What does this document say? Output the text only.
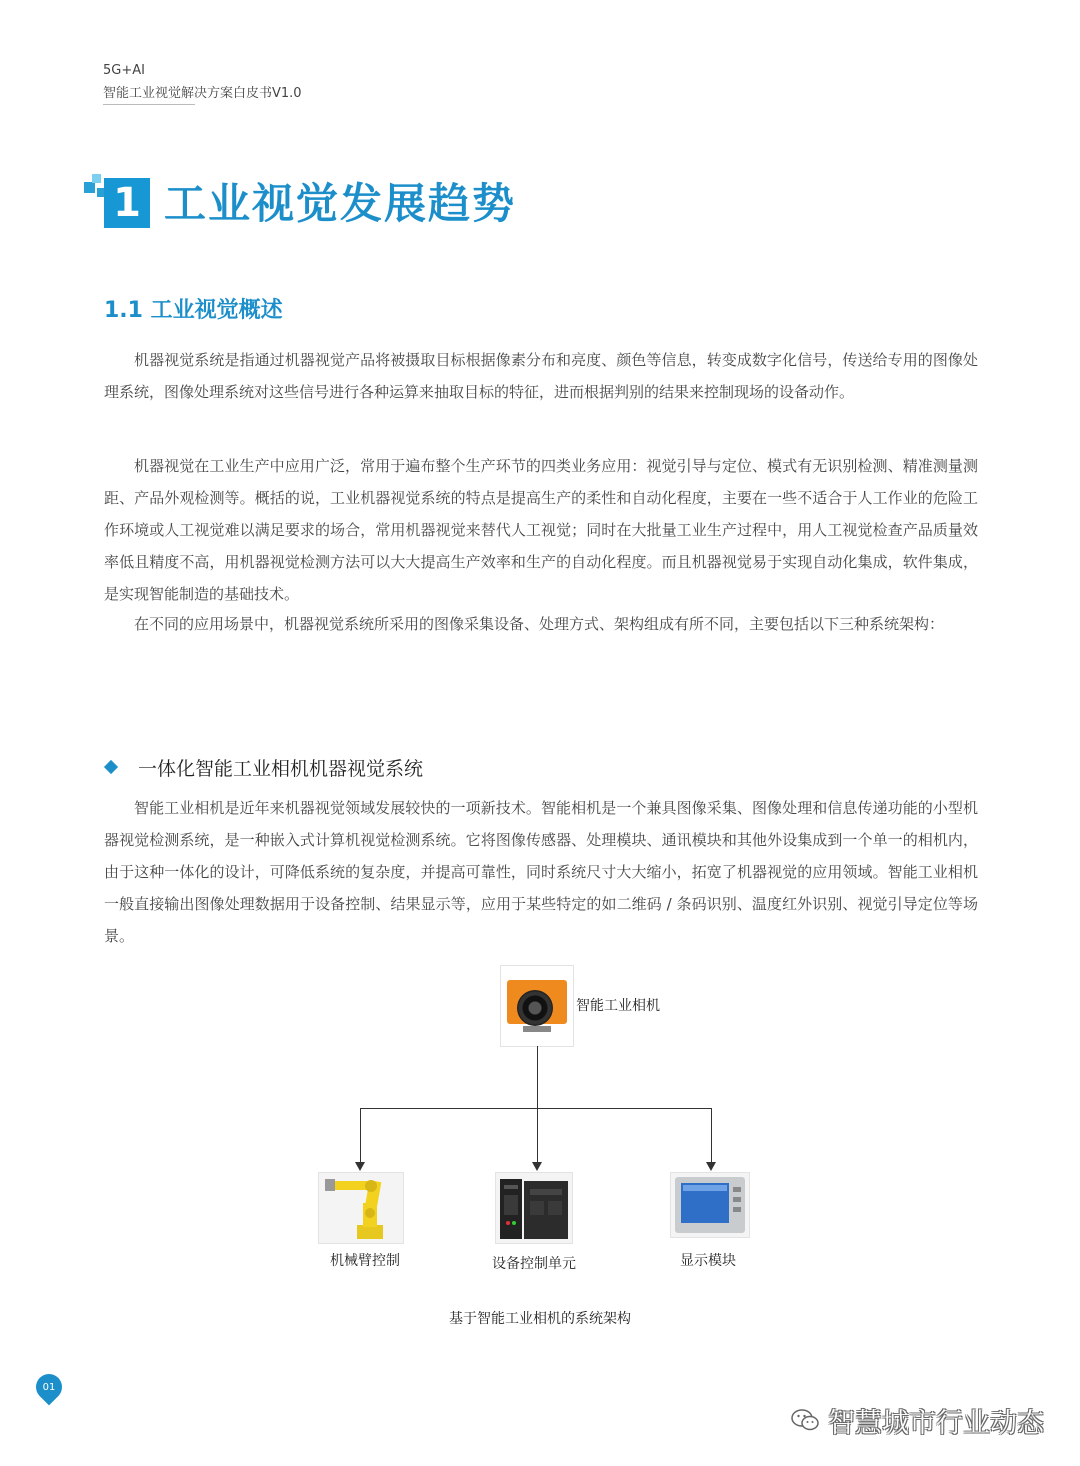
5G+AI
智能工业视觉解决方案白皮书V1.0
1 工业视觉发展趋势
1.1 工业视觉概述

机器视觉系统是指通过机器视觉产品将被摄取目标根据像素分布和亮度、颜色等信息，转变成数字化信号，传送给专用的图像处理系统，图像处理系统对这些信号进行各种运算来抽取目标的特征，进而根据判别的结果来控制现场的设备动作。

机器视觉在工业生产中应用广泛，常用于遍布整个生产环节的四类业务应用：视觉引导与定位、模式有无识别检测、精准测量测距、产品外观检测等。概括的说，工业机器视觉系统的特点是提高生产的柔性和自动化程度，主要在一些不适合于人工作业的危险工作环境或人工视觉难以满足要求的场合，常用机器视觉来替代人工视觉；同时在大批量工业生产过程中，用人工视觉检查产品质量效率低且精度不高，用机器视觉检测方法可以大大提高生产效率和生产的自动化程度。而且机器视觉易于实现自动化集成，软件集成，是实现智能制造的基础技术。

在不同的应用场景中，机器视觉系统所采用的图像采集设备、处理方式、架构组成有所不同，主要包括以下三种系统架构：

一体化智能工业相机机器视觉系统

智能工业相机是近年来机器视觉领域发展较快的一项新技术。智能相机是一个兼具图像采集、图像处理和信息传递功能的小型机器视觉检测系统，是一种嵌入式计算机视觉检测系统。它将图像传感器、处理模块、通讯模块和其他外设集成到一个单一的相机内，由于这种一体化的设计，可降低系统的复杂度，并提高可靠性，同时系统尺寸大大缩小，拓宽了机器视觉的应用领域。智能工业相机一般直接输出图像处理数据用于设备控制、结果显示等，应用于某些特定的如二维码 / 条码识别、温度红外识别、视觉引导定位等场景。

智能工业相机
机械臂控制	设备控制单元	显示模块
基于智能工业相机的系统架构
01
智慧城市行业动态
